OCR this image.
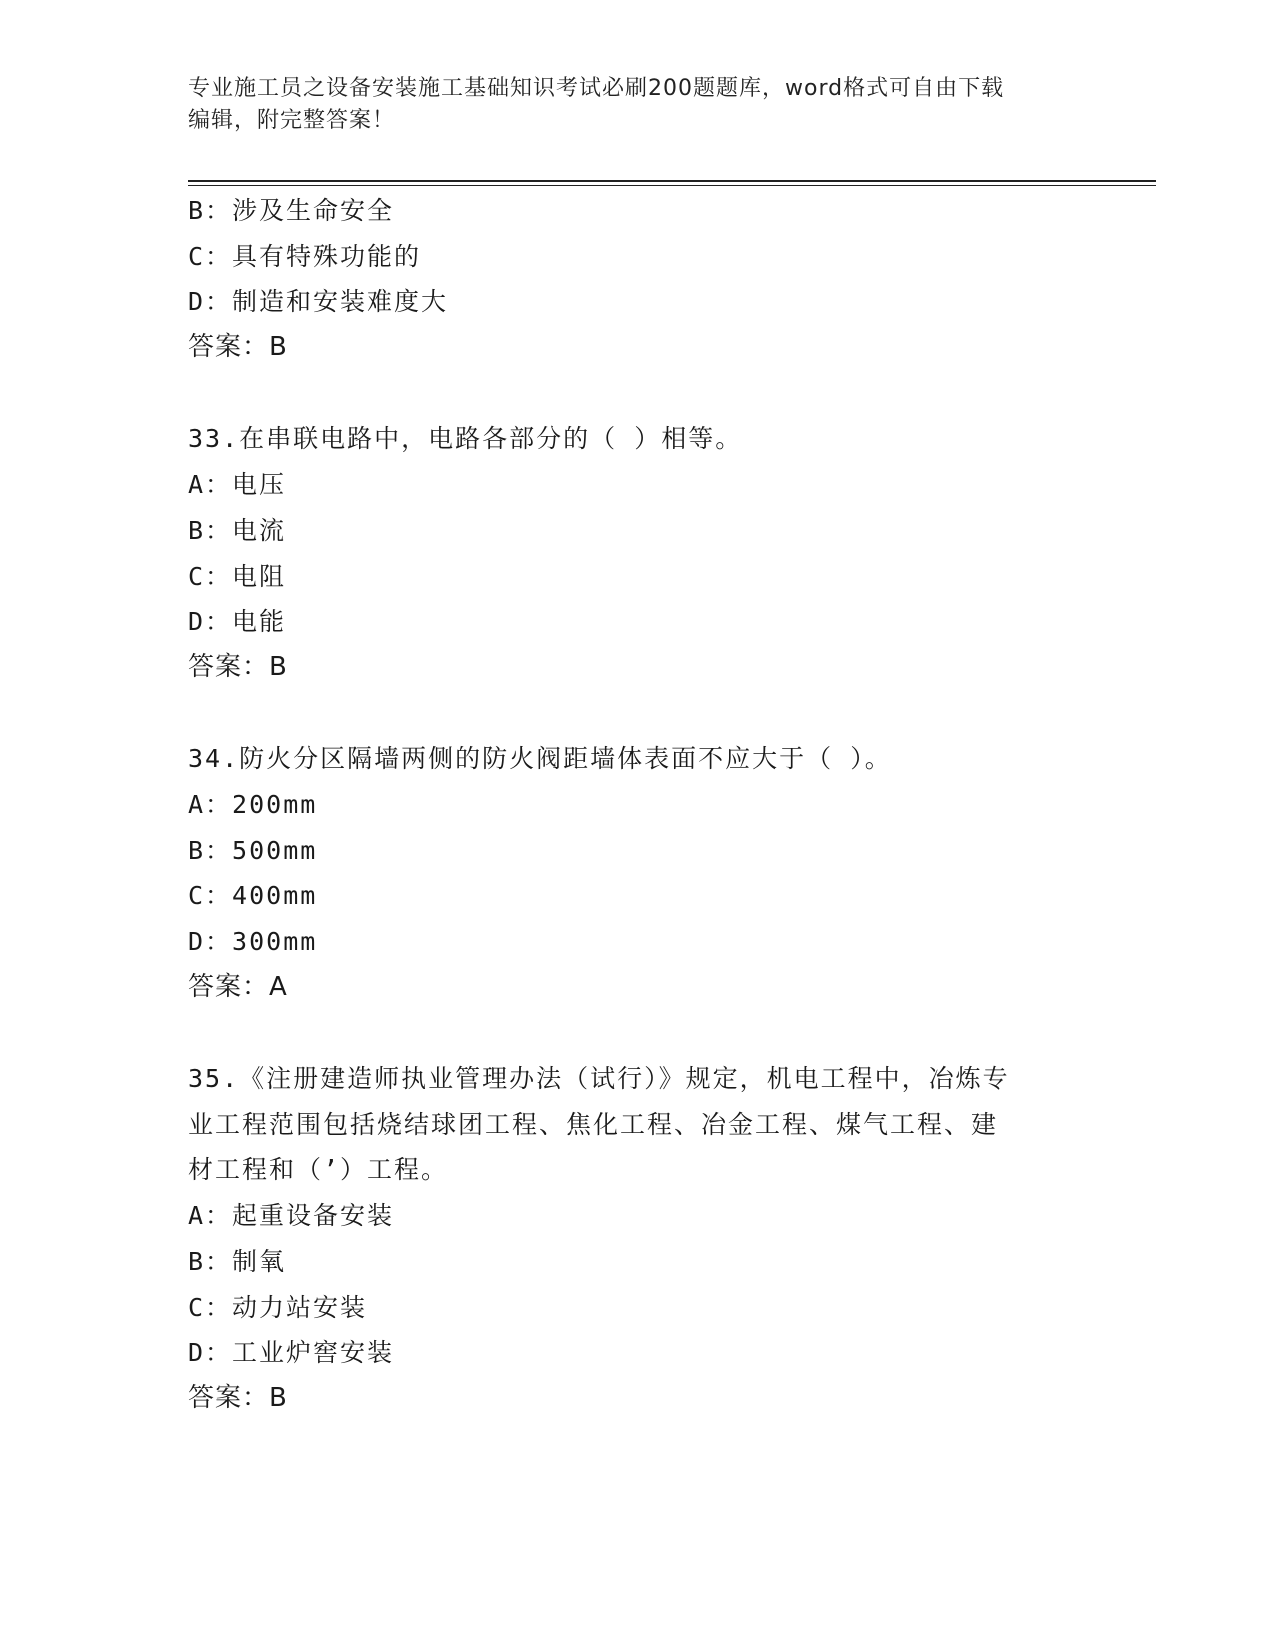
专业施工员之设备安装施工基础知识考试必刷200题题库，word格式可自由下载
编辑，附完整答案！
B：涉及生命安全
C：具有特殊功能的
D：制造和安装难度大
答案：B
33.在串联电路中，电路各部分的（ ）相等。
A：电压
B：电流
C：电阻
D：电能
答案：B
34.防火分区隔墙两侧的防火阀距墙体表面不应大于（ ）。
A：200mm
B：500mm
C：400mm
D：300mm
答案：A
35.《注册建造师执业管理办法（试行）》规定，机电工程中，冶炼专
业工程范围包括烧结球团工程、焦化工程、冶金工程、煤气工程、建
材工程和（’）工程。
A：起重设备安装
B：制氧
C：动力站安装
D：工业炉窖安装
答案：B
